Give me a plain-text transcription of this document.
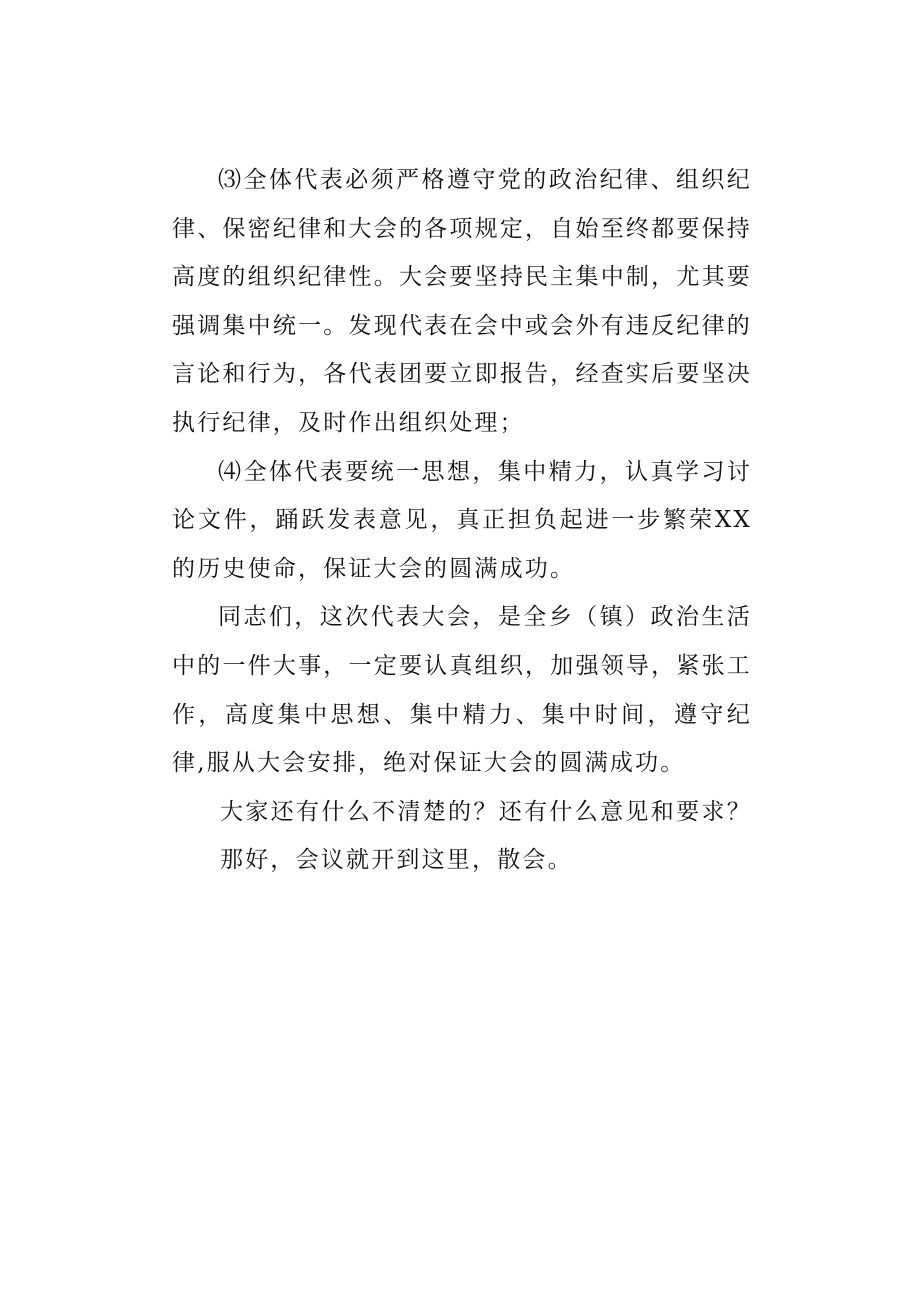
⑶全体代表必须严格遵守党的政治纪律、组织纪律、保密纪律和大会的各项规定，自始至终都要保持高度的组织纪律性。大会要坚持民主集中制，尤其要强调集中统一。发现代表在会中或会外有违反纪律的言论和行为，各代表团要立即报告，经查实后要坚决执行纪律，及时作出组织处理；

⑷全体代表要统一思想，集中精力，认真学习讨论文件，踊跃发表意见，真正担负起进一步繁荣XX的历史使命，保证大会的圆满成功。

同志们，这次代表大会，是全乡（镇）政治生活中的一件大事，一定要认真组织，加强领导，紧张工作，高度集中思想、集中精力、集中时间，遵守纪律,服从大会安排，绝对保证大会的圆满成功。

大家还有什么不清楚的？还有什么意见和要求？那好，会议就开到这里，散会。
